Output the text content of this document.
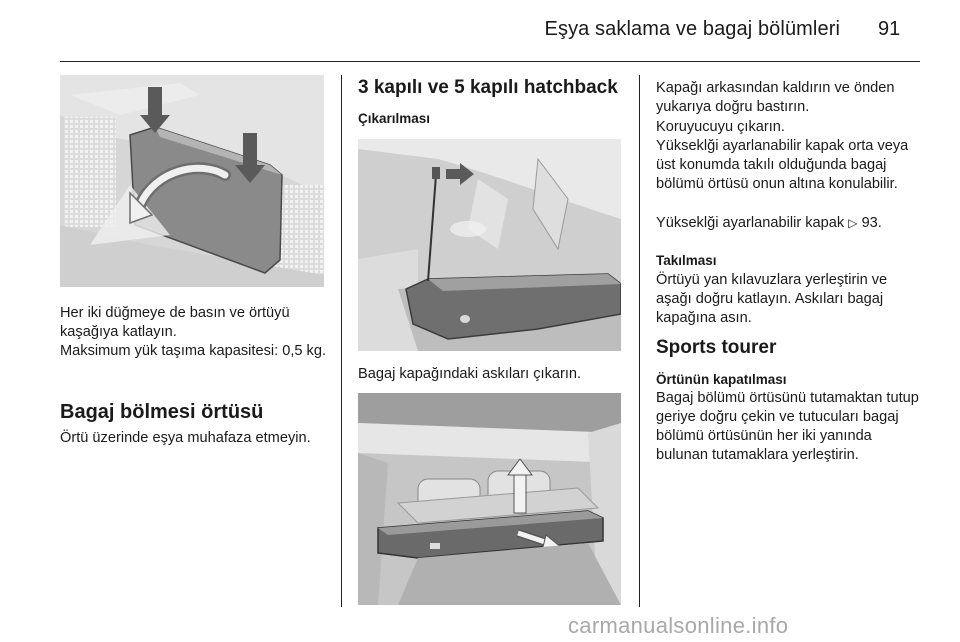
Eşya saklama ve bagaj bölümleri 91
Her iki düğmeye de basın ve örtüyü kaşağıya katlayın.
Maksimum yük taşıma kapasitesi: 0,5 kg.
Bagaj bölmesi örtüsü
Örtü üzerinde eşya muhafaza etmeyin.
3 kapılı ve 5 kapılı hatchback
Çıkarılması
Bagaj kapağındaki askıları çıkarın.
Kapağı arkasından kaldırın ve önden yukarıya doğru bastırın.
Koruyucuyu çıkarın.
Yükseklği ayarlanabilir kapak orta veya üst konumda takılı olduğunda bagaj bölümü örtüsü onun altına konulabilir.
Yükseklği ayarlanabilir kapak ▷ 93.
Takılması
Örtüyü yan kılavuzlara yerleştirin ve aşağı doğru katlayın. Askıları bagaj kapağına asın.
Sports tourer
Örtünün kapatılması
Bagaj bölümü örtüsünü tutamaktan tutup geriye doğru çekin ve tutucuları bagaj bölümü örtüsünün her iki yanında bulunan tutamaklara yerleştirin.
carmanualsonline.info
